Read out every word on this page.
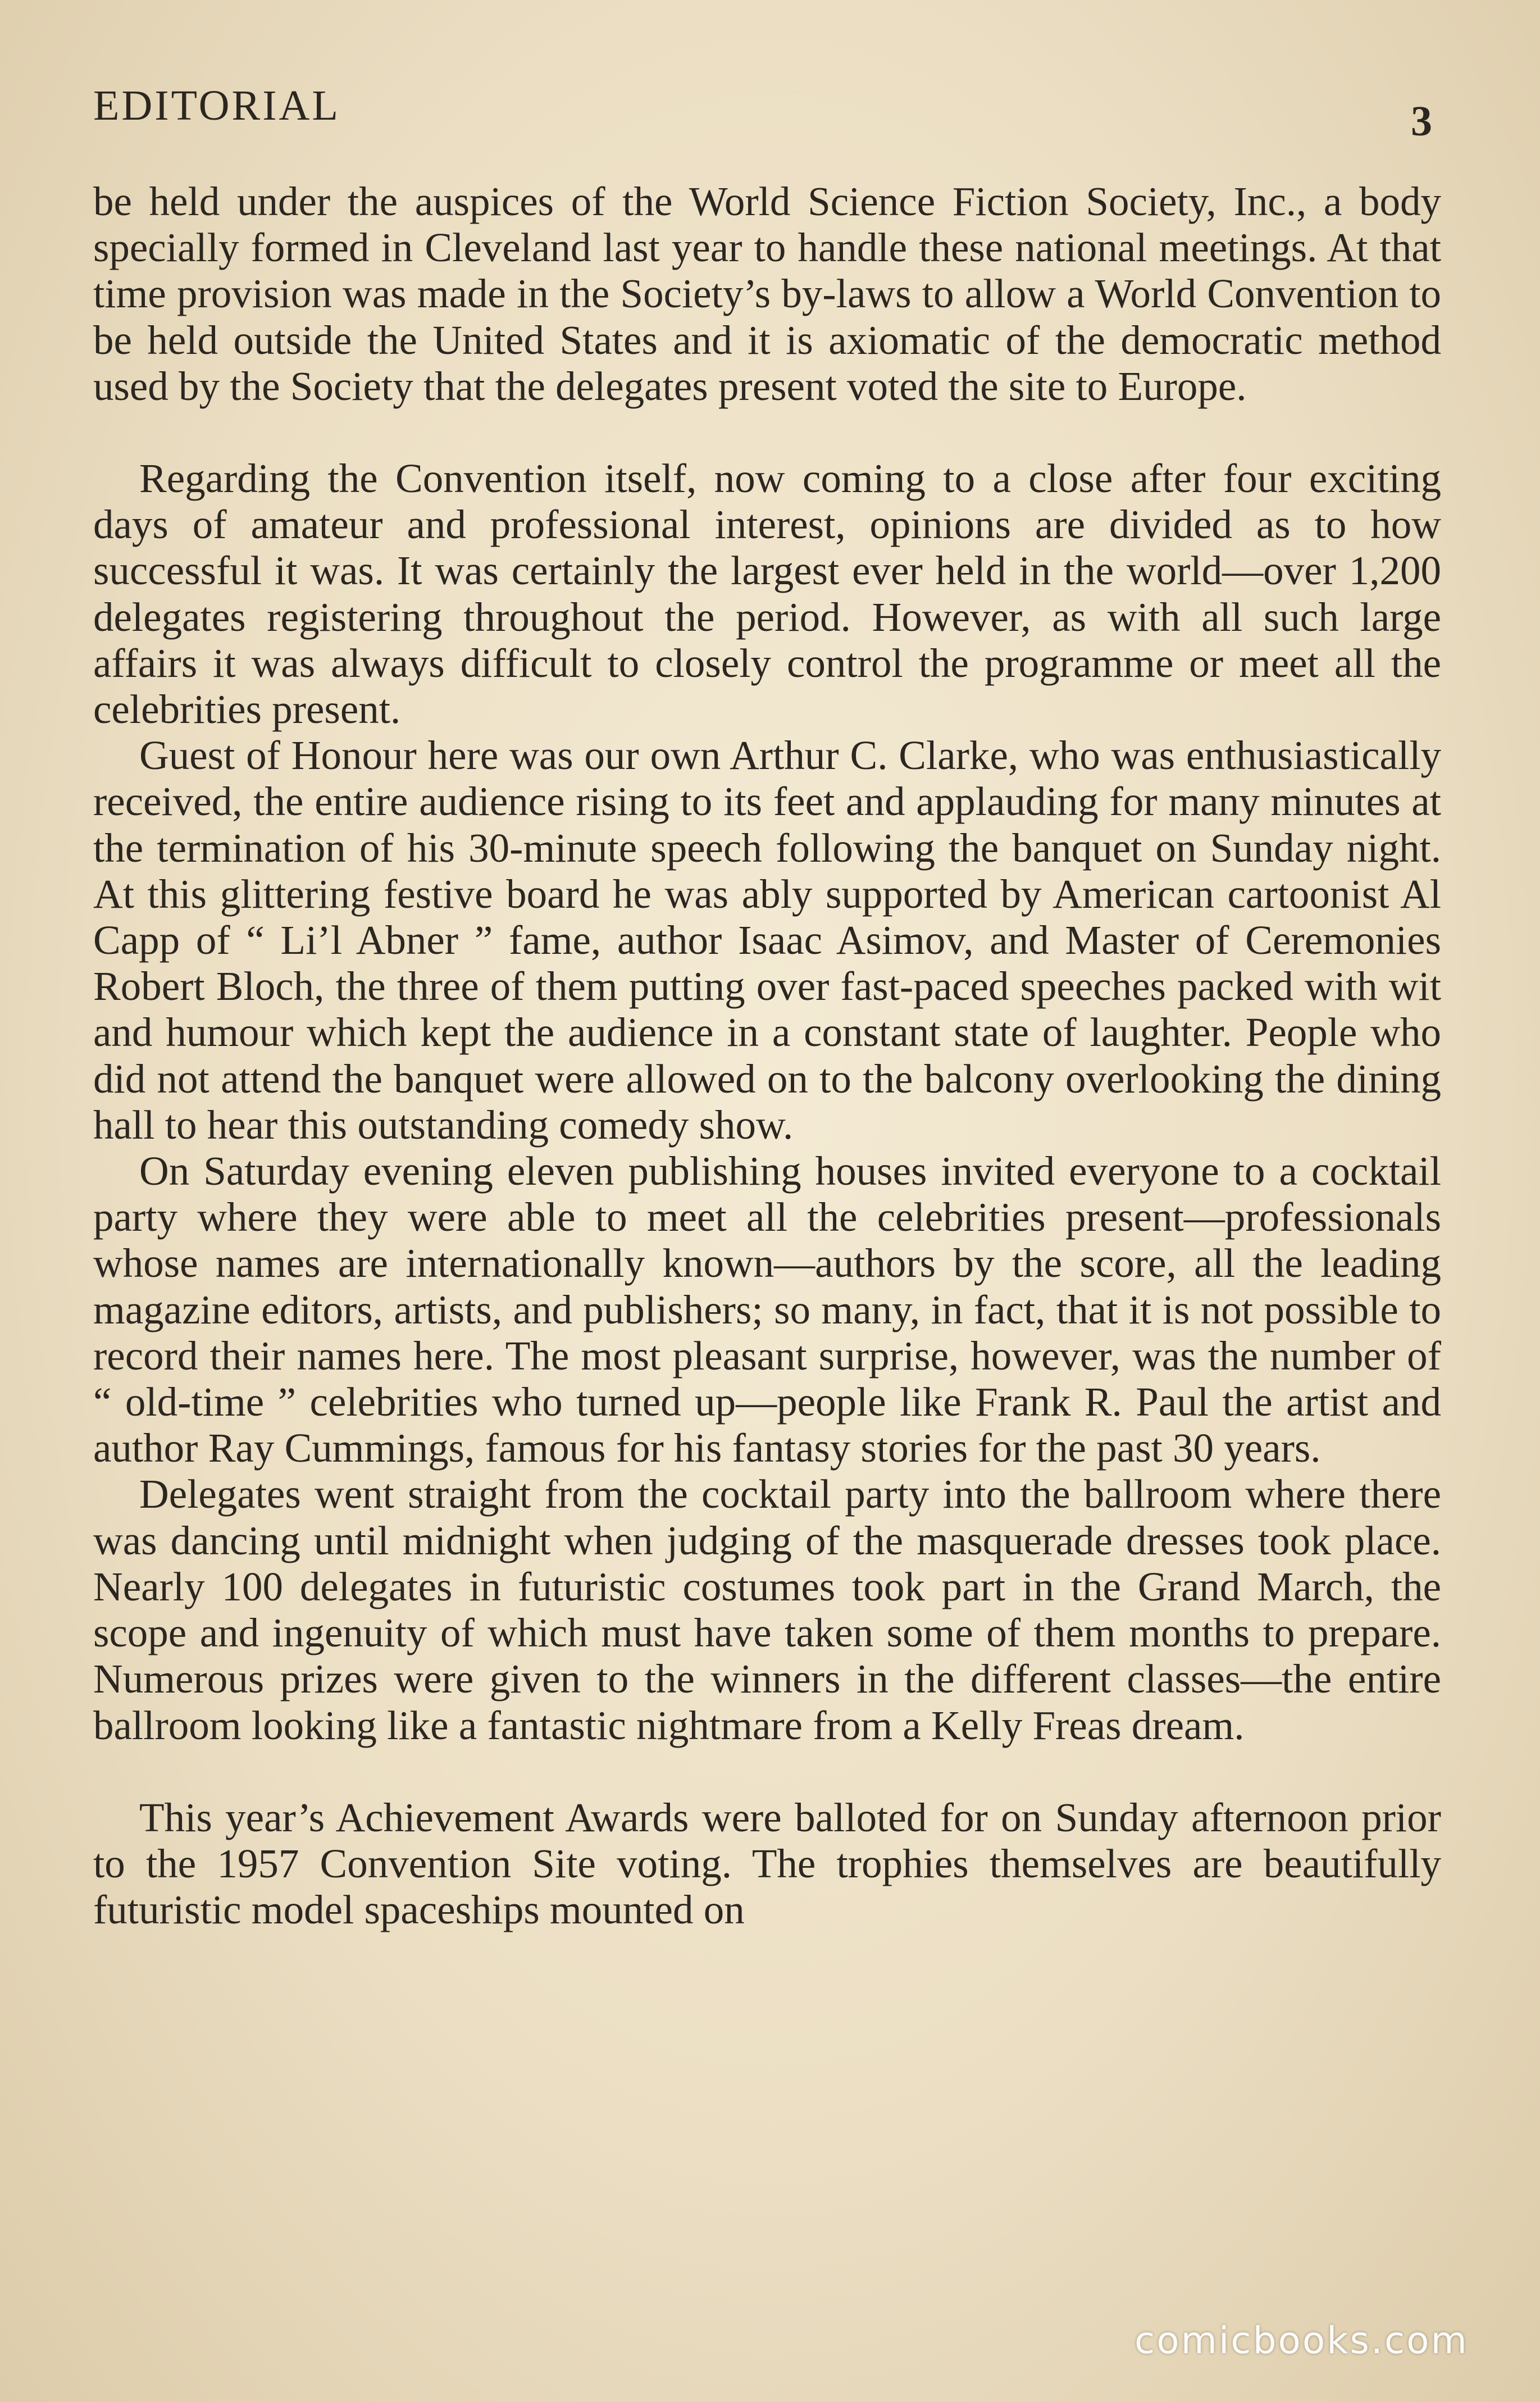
EDITORIAL	3

be held under the auspices of the World Science Fiction Society, Inc., a body specially formed in Cleveland last year to handle these national meetings. At that time provision was made in the Society’s by-laws to allow a World Convention to be held outside the United States and it is axiomatic of the democratic method used by the Society that the delegates present voted the site to Europe.

Regarding the Convention itself, now coming to a close after four exciting days of amateur and professional interest, opinions are divided as to how successful it was. It was certainly the largest ever held in the world—over 1,200 delegates registering throughout the period. However, as with all such large affairs it was always difficult to closely control the programme or meet all the celebrities present.

Guest of Honour here was our own Arthur C. Clarke, who was enthusiastically received, the entire audience rising to its feet and applauding for many minutes at the termination of his 30-minute speech following the banquet on Sunday night. At this glittering festive board he was ably supported by American cartoonist Al Capp of “ Li’l Abner ” fame, author Isaac Asimov, and Master of Ceremonies Robert Bloch, the three of them putting over fast-paced speeches packed with wit and humour which kept the audience in a constant state of laughter. People who did not attend the banquet were allowed on to the balcony overlooking the dining hall to hear this outstanding comedy show.

On Saturday evening eleven publishing houses invited everyone to a cocktail party where they were able to meet all the celebrities present—professionals whose names are internationally known—authors by the score, all the leading magazine editors, artists, and publishers; so many, in fact, that it is not possible to record their names here. The most pleasant surprise, however, was the number of “ old-time ” celebrities who turned up—people like Frank R. Paul the artist and author Ray Cummings, famous for his fantasy stories for the past 30 years.

Delegates went straight from the cocktail party into the ballroom where there was dancing until midnight when judging of the masquerade dresses took place. Nearly 100 delegates in futuristic costumes took part in the Grand March, the scope and ingenuity of which must have taken some of them months to prepare. Numerous prizes were given to the winners in the different classes—the entire ballroom looking like a fantastic nightmare from a Kelly Freas dream.

This year’s Achievement Awards were balloted for on Sunday afternoon prior to the 1957 Convention Site voting. The trophies themselves are beautifully futuristic model spaceships mounted on

comicbooks.com
